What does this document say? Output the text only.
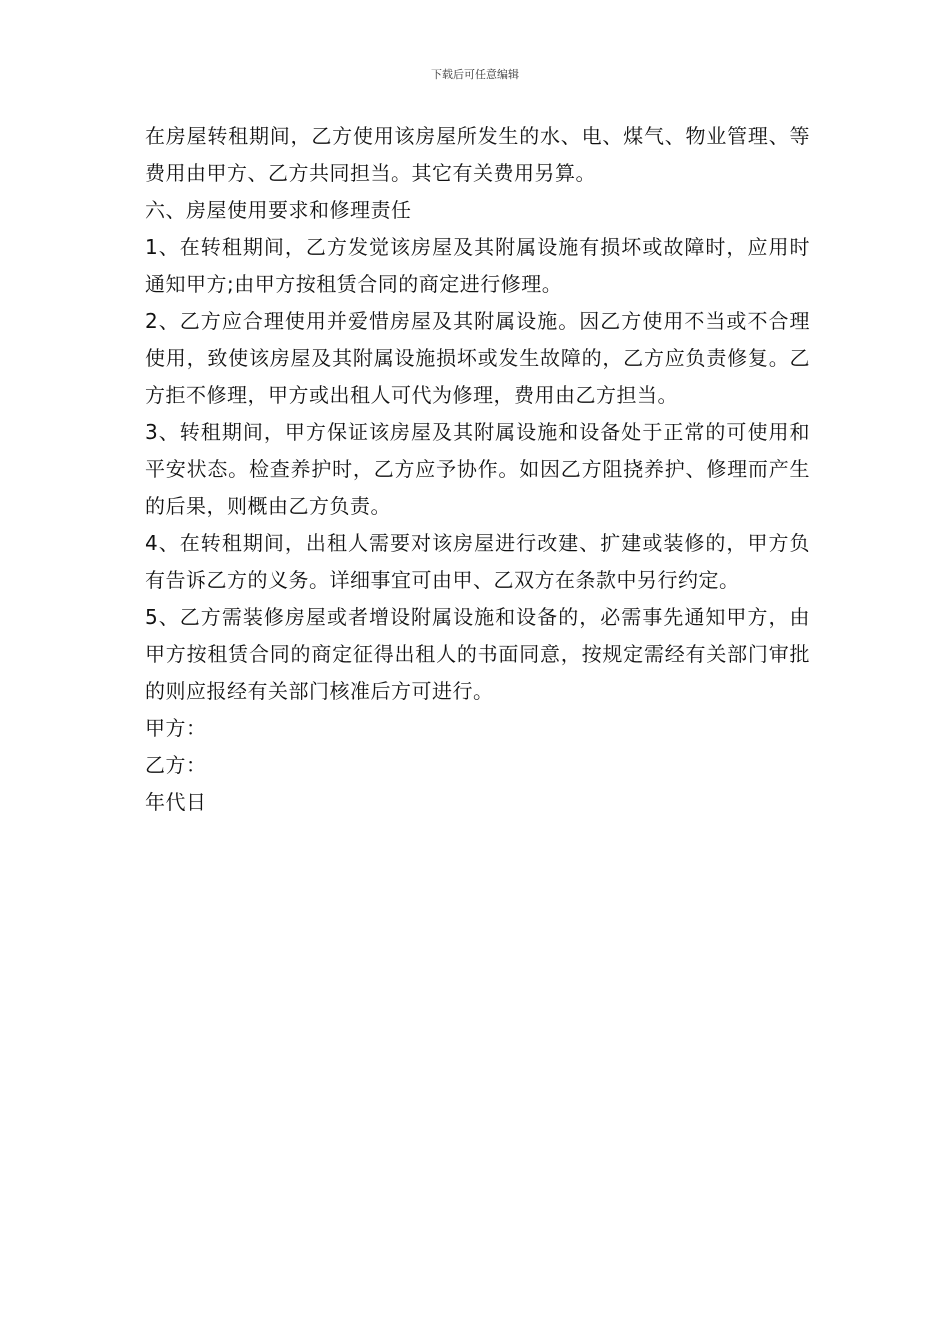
下载后可任意编辑

在房屋转租期间，乙方使用该房屋所发生的水、电、煤气、物业管理、等费用由甲方、乙方共同担当。其它有关费用另算。

六、房屋使用要求和修理责任

1、在转租期间，乙方发觉该房屋及其附属设施有损坏或故障时，应用时通知甲方;由甲方按租赁合同的商定进行修理。

2、乙方应合理使用并爱惜房屋及其附属设施。因乙方使用不当或不合理使用，致使该房屋及其附属设施损坏或发生故障的，乙方应负责修复。乙方拒不修理，甲方或出租人可代为修理，费用由乙方担当。

3、转租期间，甲方保证该房屋及其附属设施和设备处于正常的可使用和平安状态。检查养护时，乙方应予协作。如因乙方阻挠养护、修理而产生的后果，则概由乙方负责。

4、在转租期间，出租人需要对该房屋进行改建、扩建或装修的，甲方负有告诉乙方的义务。详细事宜可由甲、乙双方在条款中另行约定。

5、乙方需装修房屋或者增设附属设施和设备的，必需事先通知甲方，由甲方按租赁合同的商定征得出租人的书面同意，按规定需经有关部门审批的则应报经有关部门核准后方可进行。

甲方：

乙方：

年代日
